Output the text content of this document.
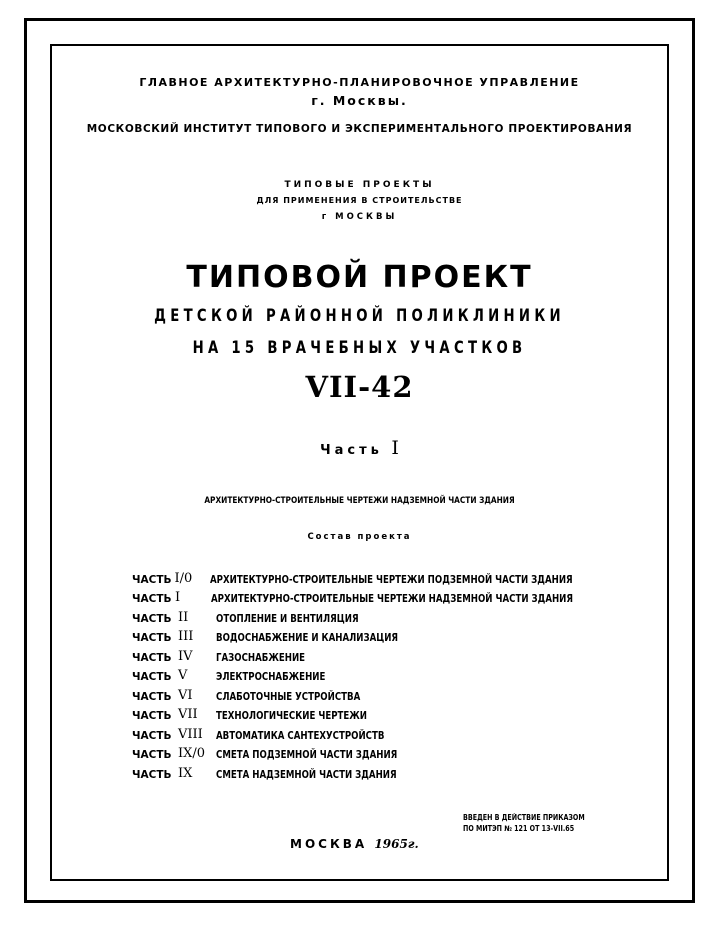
ГЛАВНОЕ АРХИТЕКТУРНО-ПЛАНИРОВОЧНОЕ УПРАВЛЕНИЕ
г. Москвы.
МОСКОВСКИЙ ИНСТИТУТ ТИПОВОГО И ЭКСПЕРИМЕНТАЛЬНОГО ПРОЕКТИРОВАНИЯ
ТИПОВЫЕ ПРОЕКТЫ
ДЛЯ ПРИМЕНЕНИЯ В СТРОИТЕЛЬСТВЕ
г МОСКВЫ
ТИПОВОЙ ПРОЕКТ
ДЕТСКОЙ РАЙОННОЙ ПОЛИКЛИНИКИ
НА 15 ВРАЧЕБНЫХ УЧАСТКОВ
VII-42
Часть I
АРХИТЕКТУРНО-СТРОИТЕЛЬНЫЕ ЧЕРТЕЖИ НАДЗЕМНОЙ ЧАСТИ ЗДАНИЯ
Состав проекта
ЧАСТЬ I/0	АРХИТЕКТУРНО-СТРОИТЕЛЬНЫЕ ЧЕРТЕЖИ ПОДЗЕМНОЙ ЧАСТИ ЗДАНИЯ
ЧАСТЬ I	АРХИТЕКТУРНО-СТРОИТЕЛЬНЫЕ ЧЕРТЕЖИ НАДЗЕМНОЙ ЧАСТИ ЗДАНИЯ
ЧАСТЬ II	ОТОПЛЕНИЕ И ВЕНТИЛЯЦИЯ
ЧАСТЬ III	ВОДОСНАБЖЕНИЕ И КАНАЛИЗАЦИЯ
ЧАСТЬ IV	ГАЗОСНАБЖЕНИЕ
ЧАСТЬ V	ЭЛЕКТРОСНАБЖЕНИЕ
ЧАСТЬ VI	СЛАБОТОЧНЫЕ УСТРОЙСТВА
ЧАСТЬ VII	ТЕХНОЛОГИЧЕСКИЕ ЧЕРТЕЖИ
ЧАСТЬ VIII	АВТОМАТИКА САНТЕХУСТРОЙСТВ
ЧАСТЬ IX/0	СМЕТА ПОДЗЕМНОЙ ЧАСТИ ЗДАНИЯ
ЧАСТЬ IX	СМЕТА НАДЗЕМНОЙ ЧАСТИ ЗДАНИЯ
ВВЕДЕН В ДЕЙСТВИЕ ПРИКАЗОМ
ПО МИТЭП № 121 ОТ 13-VII.65
МОСКВА 1965г.
